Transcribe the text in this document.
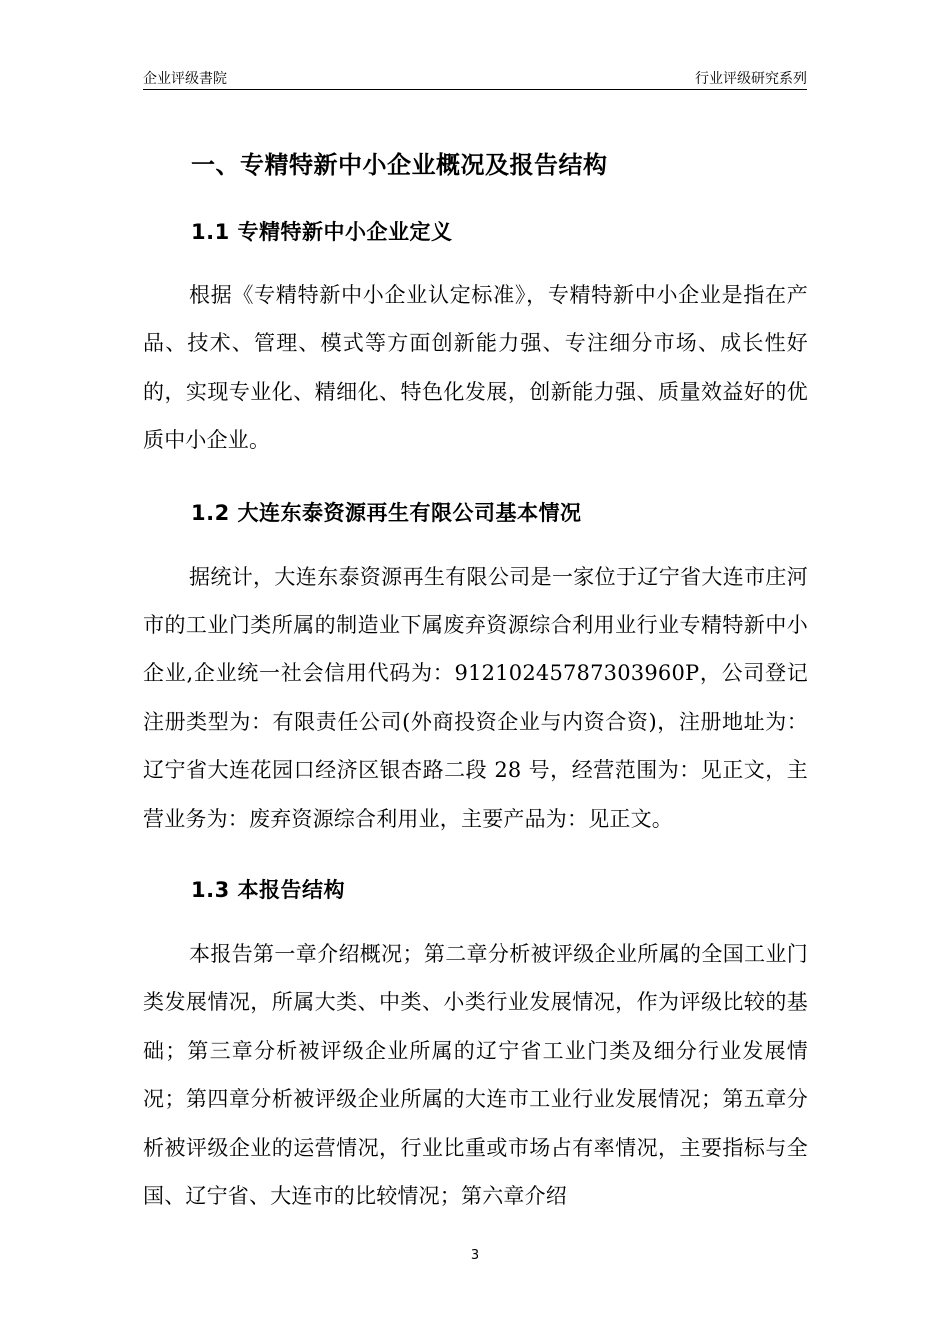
企业评级書院	行业评级研究系列
一、专精特新中小企业概况及报告结构
1.1 专精特新中小企业定义

根据《专精特新中小企业认定标准》，专精特新中小企业是指在产品、技术、管理、模式等方面创新能力强、专注细分市场、成长性好的，实现专业化、精细化、特色化发展，创新能力强、质量效益好的优质中小企业。

1.2 大连东泰资源再生有限公司基本情况

据统计，大连东泰资源再生有限公司是一家位于辽宁省大连市庄河市的工业门类所属的制造业下属废弃资源综合利用业行业专精特新中小企业,企业统一社会信用代码为：91210245787303960P，公司登记注册类型为：有限责任公司(外商投资企业与内资合资)，注册地址为：辽宁省大连花园口经济区银杏路二段 28 号，经营范围为：见正文，主营业务为：废弃资源综合利用业，主要产品为：见正文。

1.3 本报告结构

本报告第一章介绍概况；第二章分析被评级企业所属的全国工业门类发展情况，所属大类、中类、小类行业发展情况，作为评级比较的基础；第三章分析被评级企业所属的辽宁省工业门类及细分行业发展情况；第四章分析被评级企业所属的大连市工业行业发展情况；第五章分析被评级企业的运营情况，行业比重或市场占有率情况，主要指标与全国、辽宁省、大连市的比较情况；第六章介绍

3
